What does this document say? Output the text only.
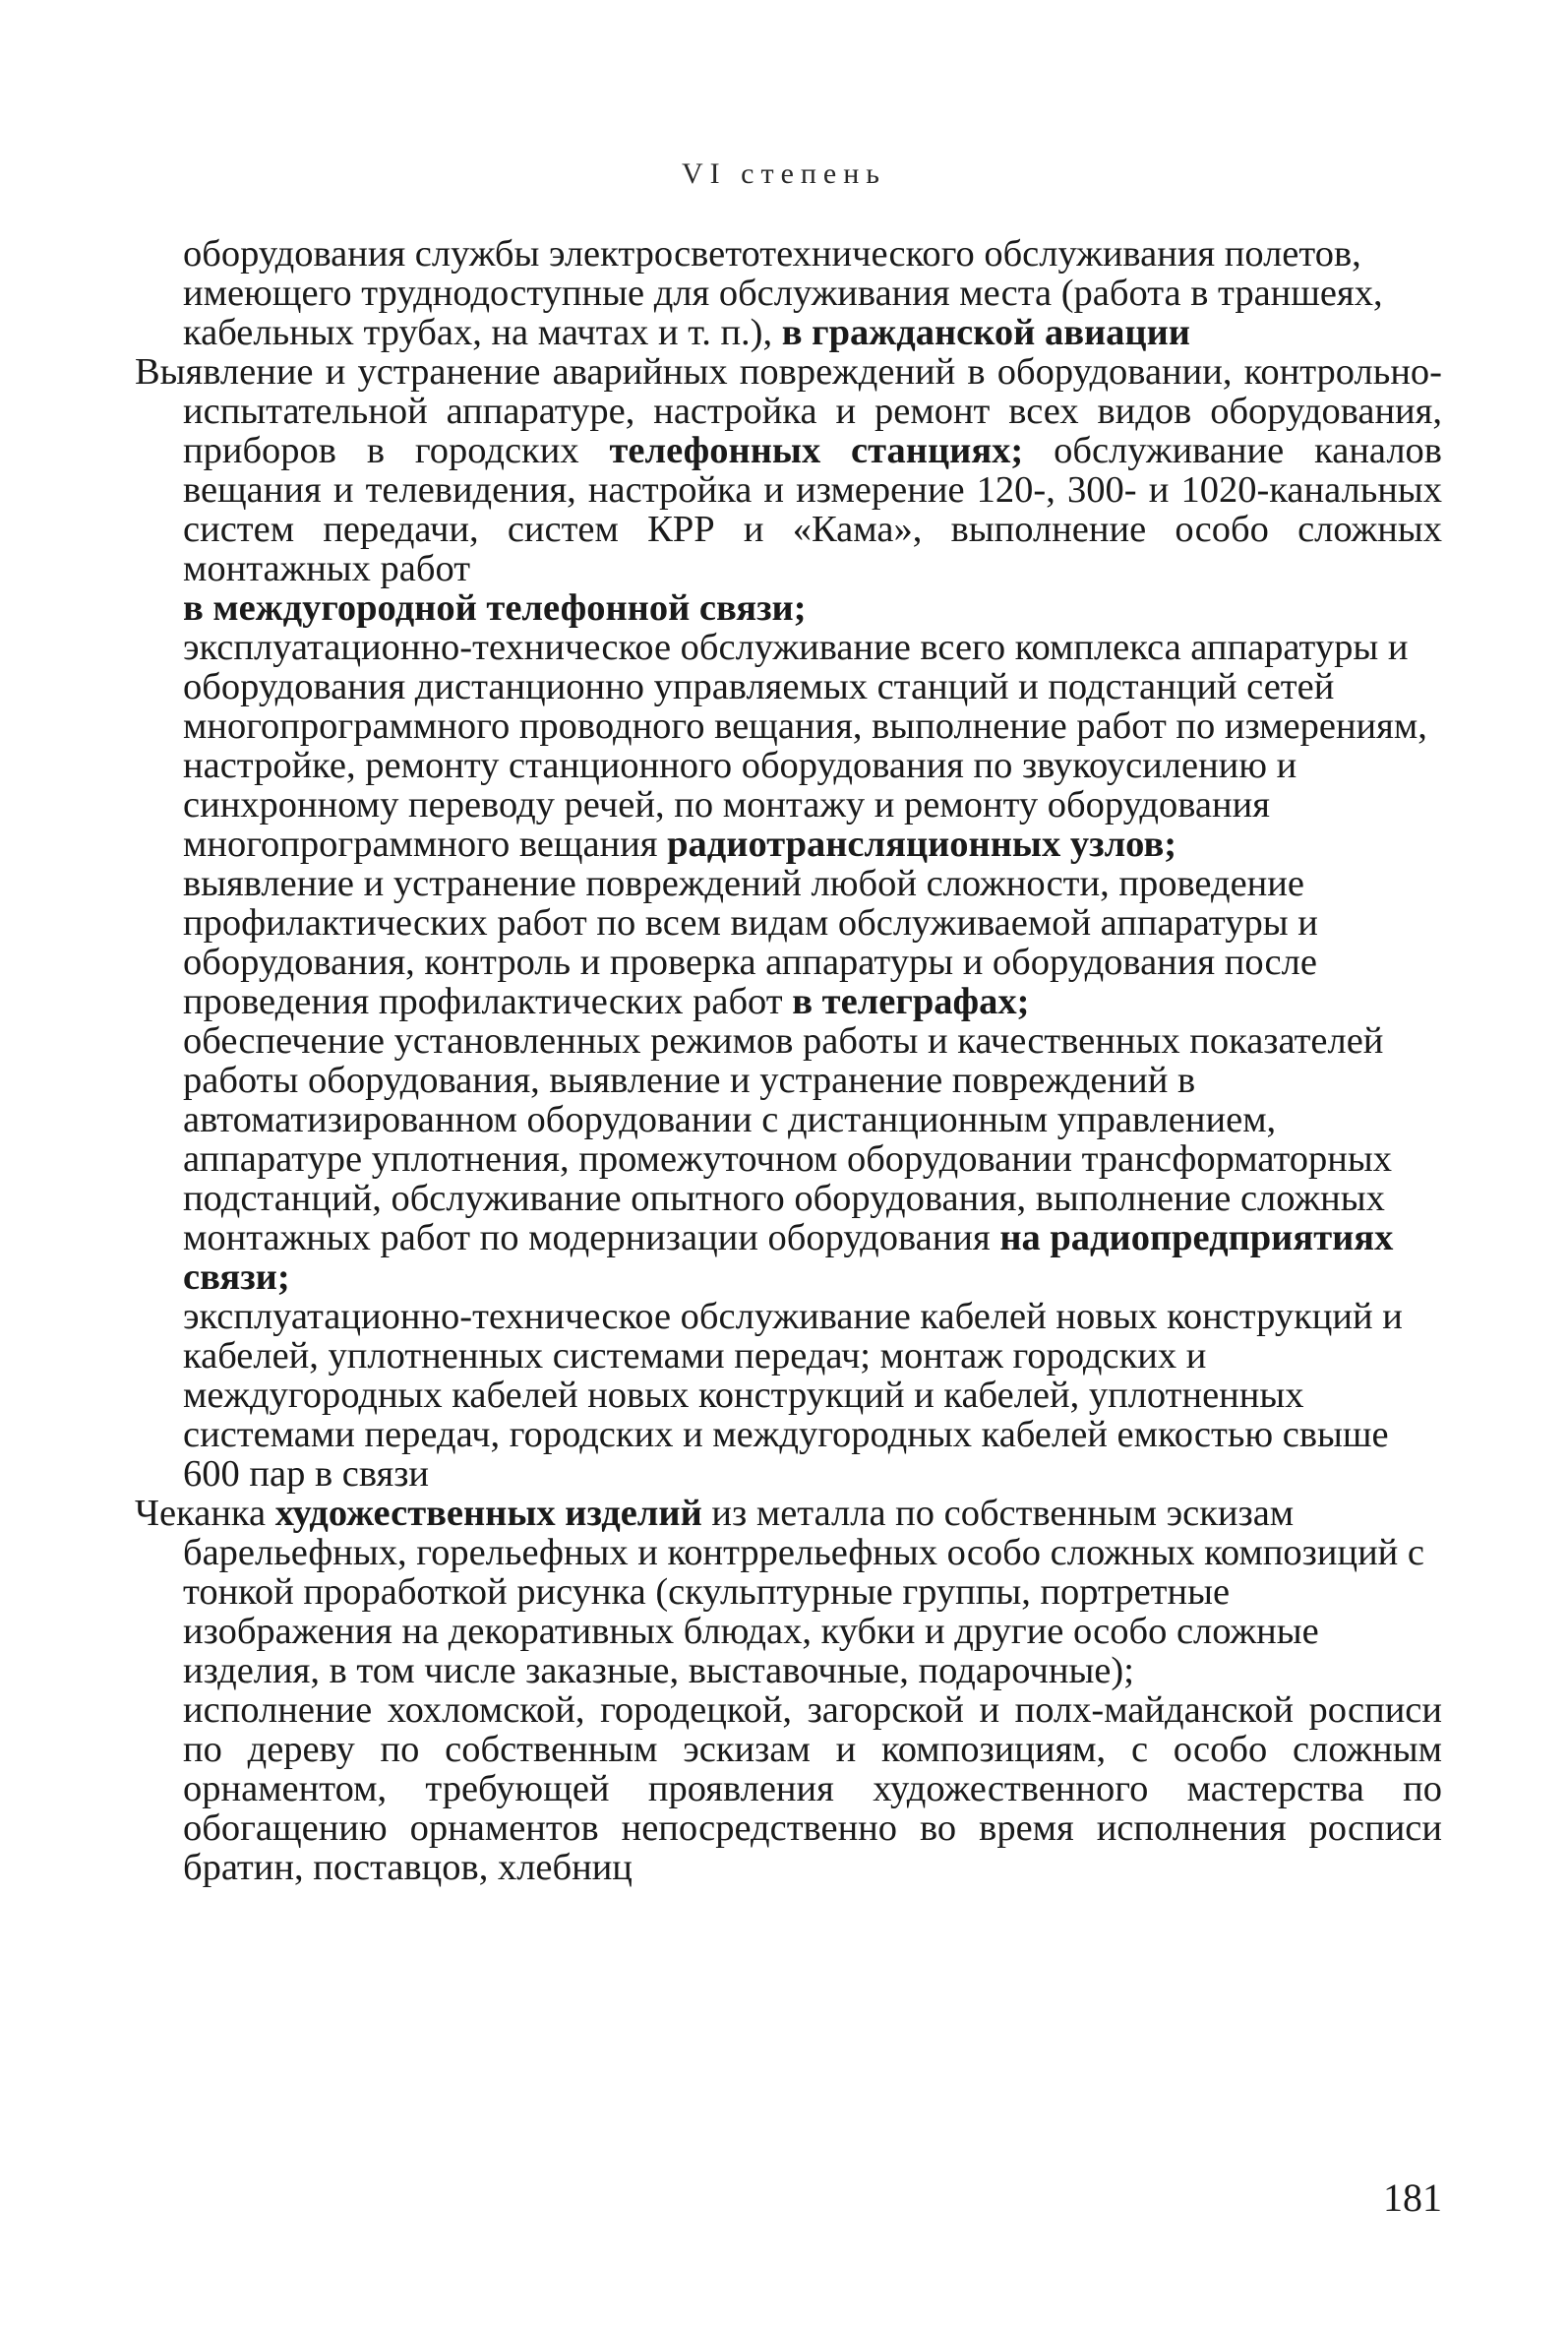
VI степень

оборудования службы электросветотехнического обслуживания полетов, имеющего труднодоступные для обслуживания места (работа в траншеях, кабельных трубах, на мачтах и т. п.), в гражданской авиации

Выявление и устранение аварийных повреждений в оборудовании, контрольно-испытательной аппаратуре, настройка и ремонт всех видов оборудования, приборов в городских телефонных станциях; обслуживание каналов вещания и телевидения, настройка и измерение 120-, 300- и 1020-канальных систем передачи, систем КРР и «Кама», выполнение особо сложных монтажных работ

в междугородной телефонной связи;

эксплуатационно-техническое обслуживание всего комплекса аппаратуры и оборудования дистанционно управляемых станций и подстанций сетей многопрограммного проводного вещания, выполнение работ по измерениям, настройке, ремонту станционного оборудования по звукоусилению и синхронному переводу речей, по монтажу и ремонту оборудования многопрограммного вещания радиотрансляционных узлов;

выявление и устранение повреждений любой сложности, проведение профилактических работ по всем видам обслуживаемой аппаратуры и оборудования, контроль и проверка аппаратуры и оборудования после проведения профилактических работ в телеграфах;

обеспечение установленных режимов работы и качественных показателей работы оборудования, выявление и устранение повреждений в автоматизированном оборудовании с дистанционным управлением, аппаратуре уплотнения, промежуточном оборудовании трансформаторных подстанций, обслуживание опытного оборудования, выполнение сложных монтажных работ по модернизации оборудования на радиопредприятиях связи;

эксплуатационно-техническое обслуживание кабелей новых конструкций и кабелей, уплотненных системами передач; монтаж городских и междугородных кабелей новых конструкций и кабелей, уплотненных системами передач, городских и междугородных кабелей емкостью свыше 600 пар в связи

Чеканка художественных изделий из металла по собственным эскизам барельефных, горельефных и контррельефных особо сложных композиций с тонкой проработкой рисунка (скульптурные группы, портретные изображения на декоративных блюдах, кубки и другие особо сложные изделия, в том числе заказные, выставочные, подарочные);

исполнение хохломской, городецкой, загорской и полх-майданской росписи по дереву по собственным эскизам и композициям, с особо сложным орнаментом, требующей проявления художественного мастерства по обогащению орнаментов непосредственно во время исполнения росписи братин, поставцов, хлебниц

181
